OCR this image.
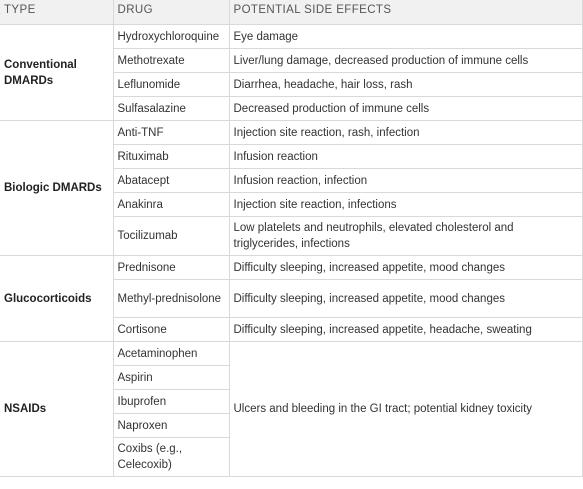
TYPE	DRUG	POTENTIAL SIDE EFFECTS
Conventional DMARDs	Hydroxychloroquine	Eye damage
	Methotrexate	Liver/lung damage, decreased production of immune cells
	Leflunomide	Diarrhea, headache, hair loss, rash
	Sulfasalazine	Decreased production of immune cells
Biologic DMARDs	Anti-TNF	Injection site reaction, rash, infection
	Rituximab	Infusion reaction
	Abatacept	Infusion reaction, infection
	Anakinra	Injection site reaction, infections
	Tocilizumab	Low platelets and neutrophils, elevated cholesterol and triglycerides, infections
Glucocorticoids	Prednisone	Difficulty sleeping, increased appetite, mood changes
	Methyl-prednisolone	Difficulty sleeping, increased appetite, mood changes
	Cortisone	Difficulty sleeping, increased appetite, headache, sweating
NSAIDs	Acetaminophen	Ulcers and bleeding in the GI tract; potential kidney toxicity
	Aspirin	
	Ibuprofen	
	Naproxen	
	Coxibs (e.g., Celecoxib)	
